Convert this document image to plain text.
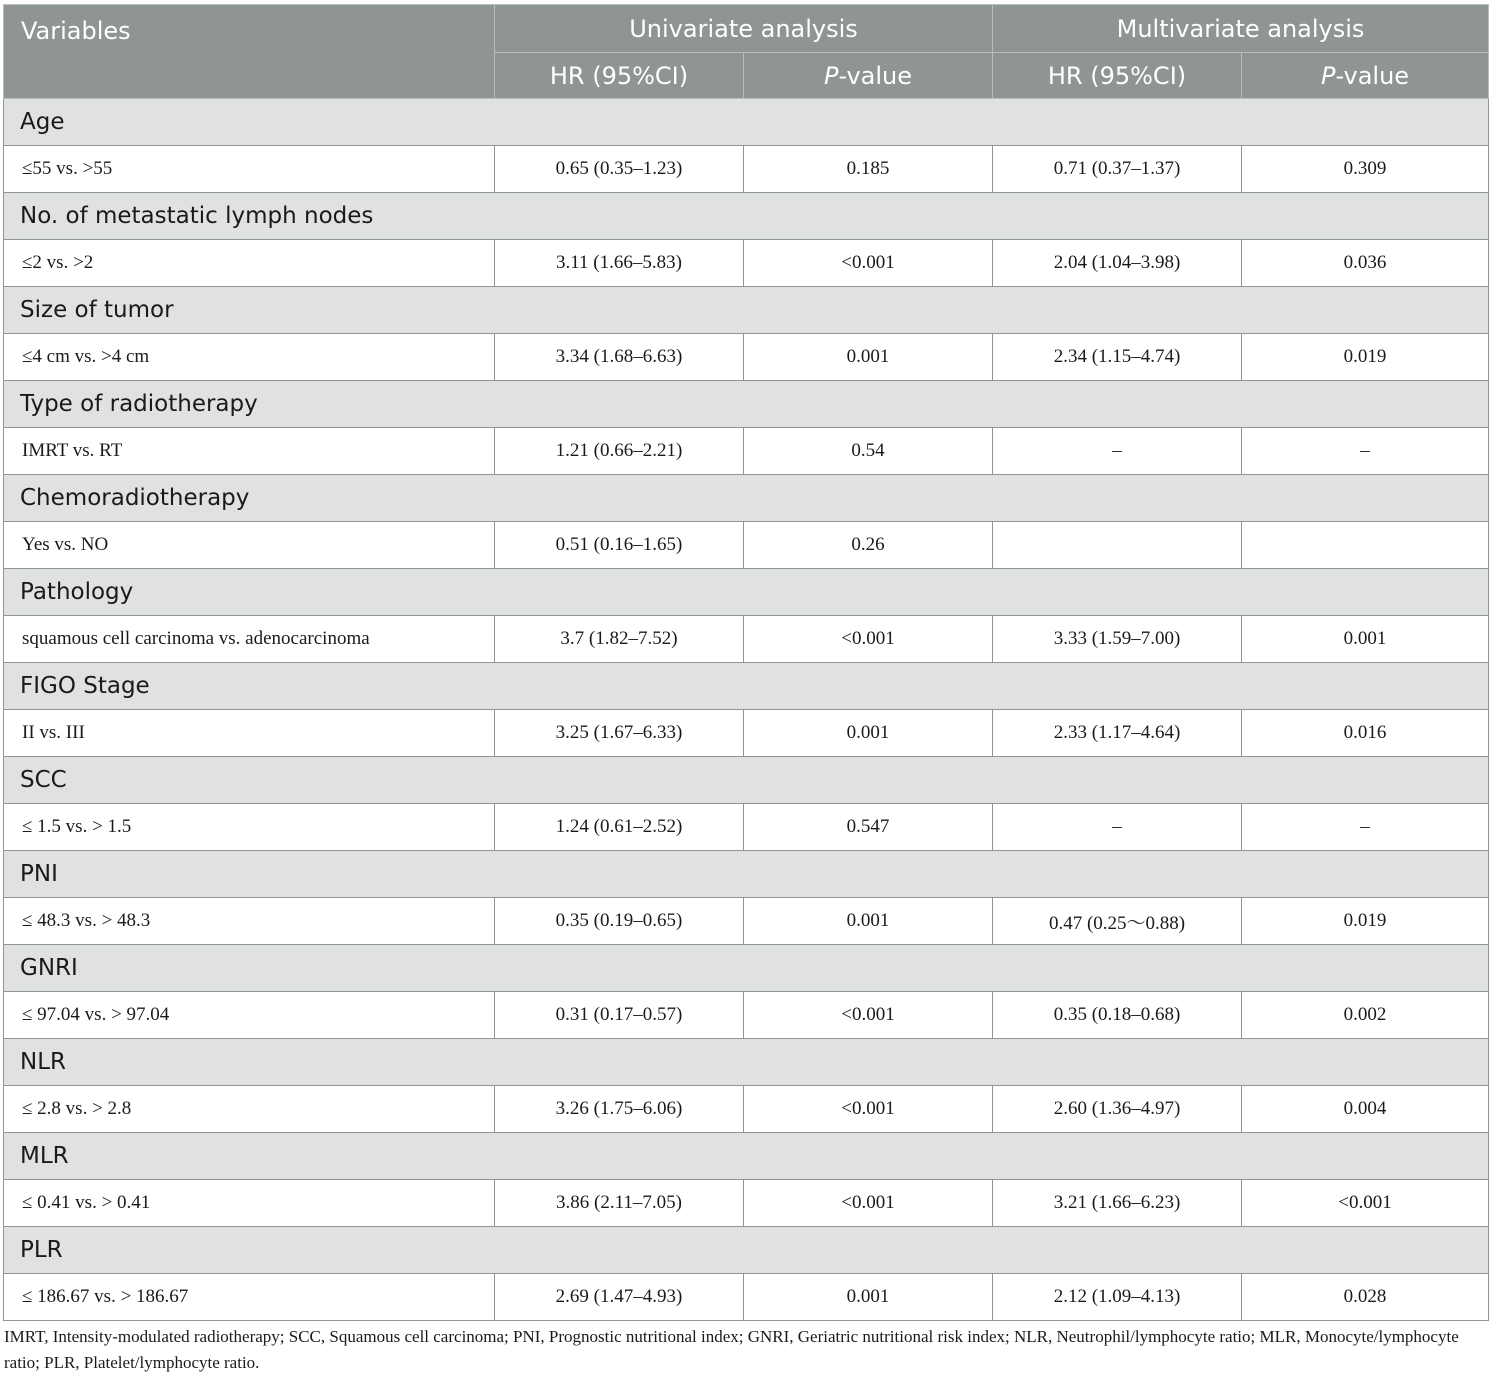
Variables	Univariate analysis		Multivariate analysis	
	HR (95%CI)	P-value	HR (95%CI)	P-value
Age				
≤55 vs. >55	0.65 (0.35–1.23)	0.185	0.71 (0.37–1.37)	0.309
No. of metastatic lymph nodes				
≤2 vs. >2	3.11 (1.66–5.83)	<0.001	2.04 (1.04–3.98)	0.036
Size of tumor				
≤4 cm vs. >4 cm	3.34 (1.68–6.63)	0.001	2.34 (1.15–4.74)	0.019
Type of radiotherapy				
IMRT vs. RT	1.21 (0.66–2.21)	0.54	–	–
Chemoradiotherapy				
Yes vs. NO	0.51 (0.16–1.65)	0.26		
Pathology				
squamous cell carcinoma vs. adenocarcinoma	3.7 (1.82–7.52)	<0.001	3.33 (1.59–7.00)	0.001
FIGO Stage				
II vs. III	3.25 (1.67–6.33)	0.001	2.33 (1.17–4.64)	0.016
SCC				
≤ 1.5 vs. > 1.5	1.24 (0.61–2.52)	0.547	–	–
PNI				
≤ 48.3 vs. > 48.3	0.35 (0.19–0.65)	0.001	0.47 (0.25～0.88)	0.019
GNRI				
≤ 97.04 vs. > 97.04	0.31 (0.17–0.57)	<0.001	0.35 (0.18–0.68)	0.002
NLR				
≤ 2.8 vs. > 2.8	3.26 (1.75–6.06)	<0.001	2.60 (1.36–4.97)	0.004
MLR				
≤ 0.41 vs. > 0.41	3.86 (2.11–7.05)	<0.001	3.21 (1.66–6.23)	<0.001
PLR				
≤ 186.67 vs. > 186.67	2.69 (1.47–4.93)	0.001	2.12 (1.09–4.13)	0.028
IMRT, Intensity-modulated radiotherapy; SCC, Squamous cell carcinoma; PNI, Prognostic nutritional index; GNRI, Geriatric nutritional risk index; NLR, Neutrophil/lymphocyte ratio; MLR, Monocyte/lymphocyte ratio; PLR, Platelet/lymphocyte ratio.
